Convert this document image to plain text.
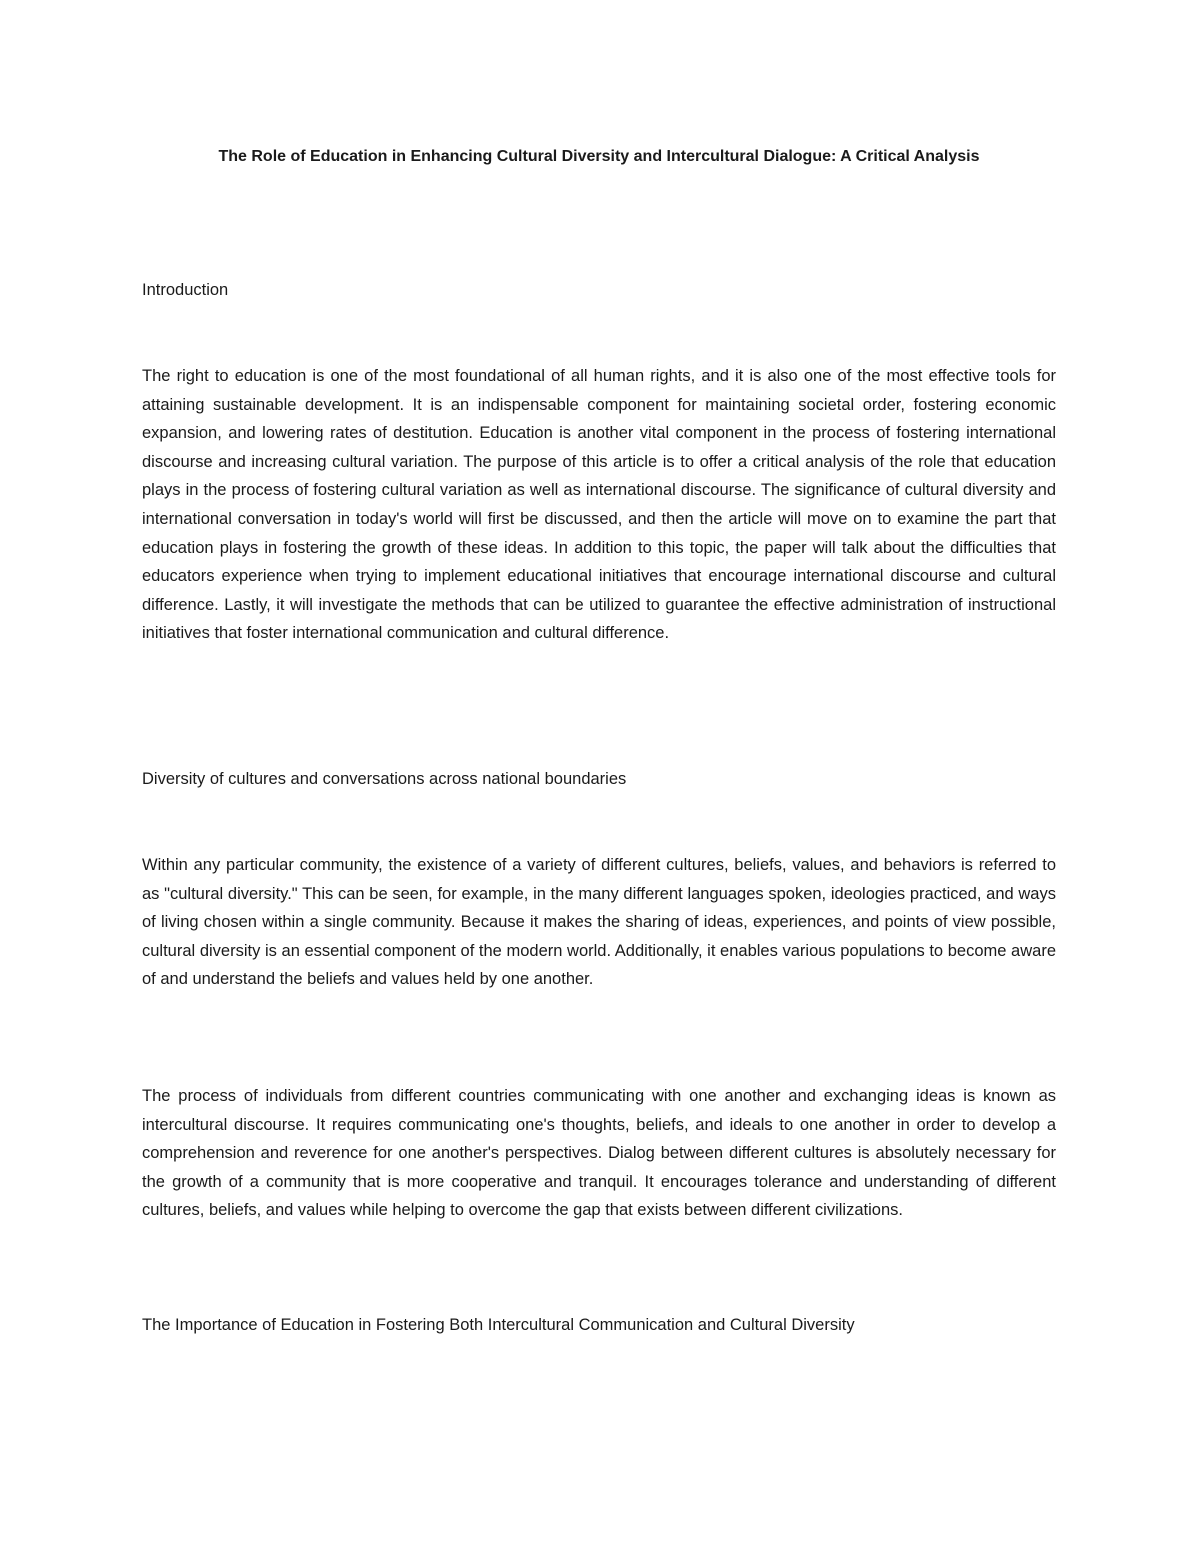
The Role of Education in Enhancing Cultural Diversity and Intercultural Dialogue: A Critical Analysis
Introduction

The right to education is one of the most foundational of all human rights, and it is also one of the most effective tools for attaining sustainable development. It is an indispensable component for maintaining societal order, fostering economic expansion, and lowering rates of destitution. Education is another vital component in the process of fostering international discourse and increasing cultural variation. The purpose of this article is to offer a critical analysis of the role that education plays in the process of fostering cultural variation as well as international discourse. The significance of cultural diversity and international conversation in today's world will first be discussed, and then the article will move on to examine the part that education plays in fostering the growth of these ideas. In addition to this topic, the paper will talk about the difficulties that educators experience when trying to implement educational initiatives that encourage international discourse and cultural difference. Lastly, it will investigate the methods that can be utilized to guarantee the effective administration of instructional initiatives that foster international communication and cultural difference.

Diversity of cultures and conversations across national boundaries

Within any particular community, the existence of a variety of different cultures, beliefs, values, and behaviors is referred to as "cultural diversity." This can be seen, for example, in the many different languages spoken, ideologies practiced, and ways of living chosen within a single community. Because it makes the sharing of ideas, experiences, and points of view possible, cultural diversity is an essential component of the modern world. Additionally, it enables various populations to become aware of and understand the beliefs and values held by one another.

The process of individuals from different countries communicating with one another and exchanging ideas is known as intercultural discourse. It requires communicating one's thoughts, beliefs, and ideals to one another in order to develop a comprehension and reverence for one another's perspectives. Dialog between different cultures is absolutely necessary for the growth of a community that is more cooperative and tranquil. It encourages tolerance and understanding of different cultures, beliefs, and values while helping to overcome the gap that exists between different civilizations.

The Importance of Education in Fostering Both Intercultural Communication and Cultural Diversity
